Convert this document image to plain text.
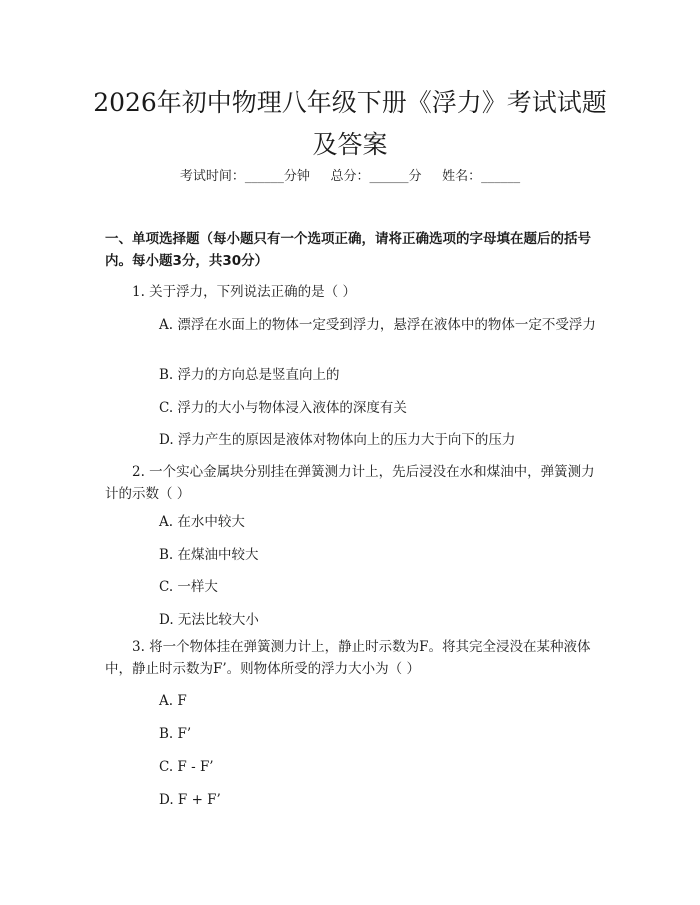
2026年初中物理八年级下册《浮力》考试试题及答案
考试时间：______分钟     总分：______分     姓名：______
一、单项选择题（每小题只有一个选项正确，请将正确选项的字母填在题后的括号内。每小题3分，共30分）
1. 关于浮力，下列说法正确的是（ ）
A. 漂浮在水面上的物体一定受到浮力，悬浮在液体中的物体一定不受浮力
B. 浮力的方向总是竖直向上的
C. 浮力的大小与物体浸入液体的深度有关
D. 浮力产生的原因是液体对物体向上的压力大于向下的压力
2. 一个实心金属块分别挂在弹簧测力计上，先后浸没在水和煤油中，弹簧测力计的示数（ ）
A. 在水中较大
B. 在煤油中较大
C. 一样大
D. 无法比较大小
3. 将一个物体挂在弹簧测力计上，静止时示数为F。将其完全浸没在某种液体中，静止时示数为F’。则物体所受的浮力大小为（ ）
A. F
B. F’
C. F - F’
D. F + F’
